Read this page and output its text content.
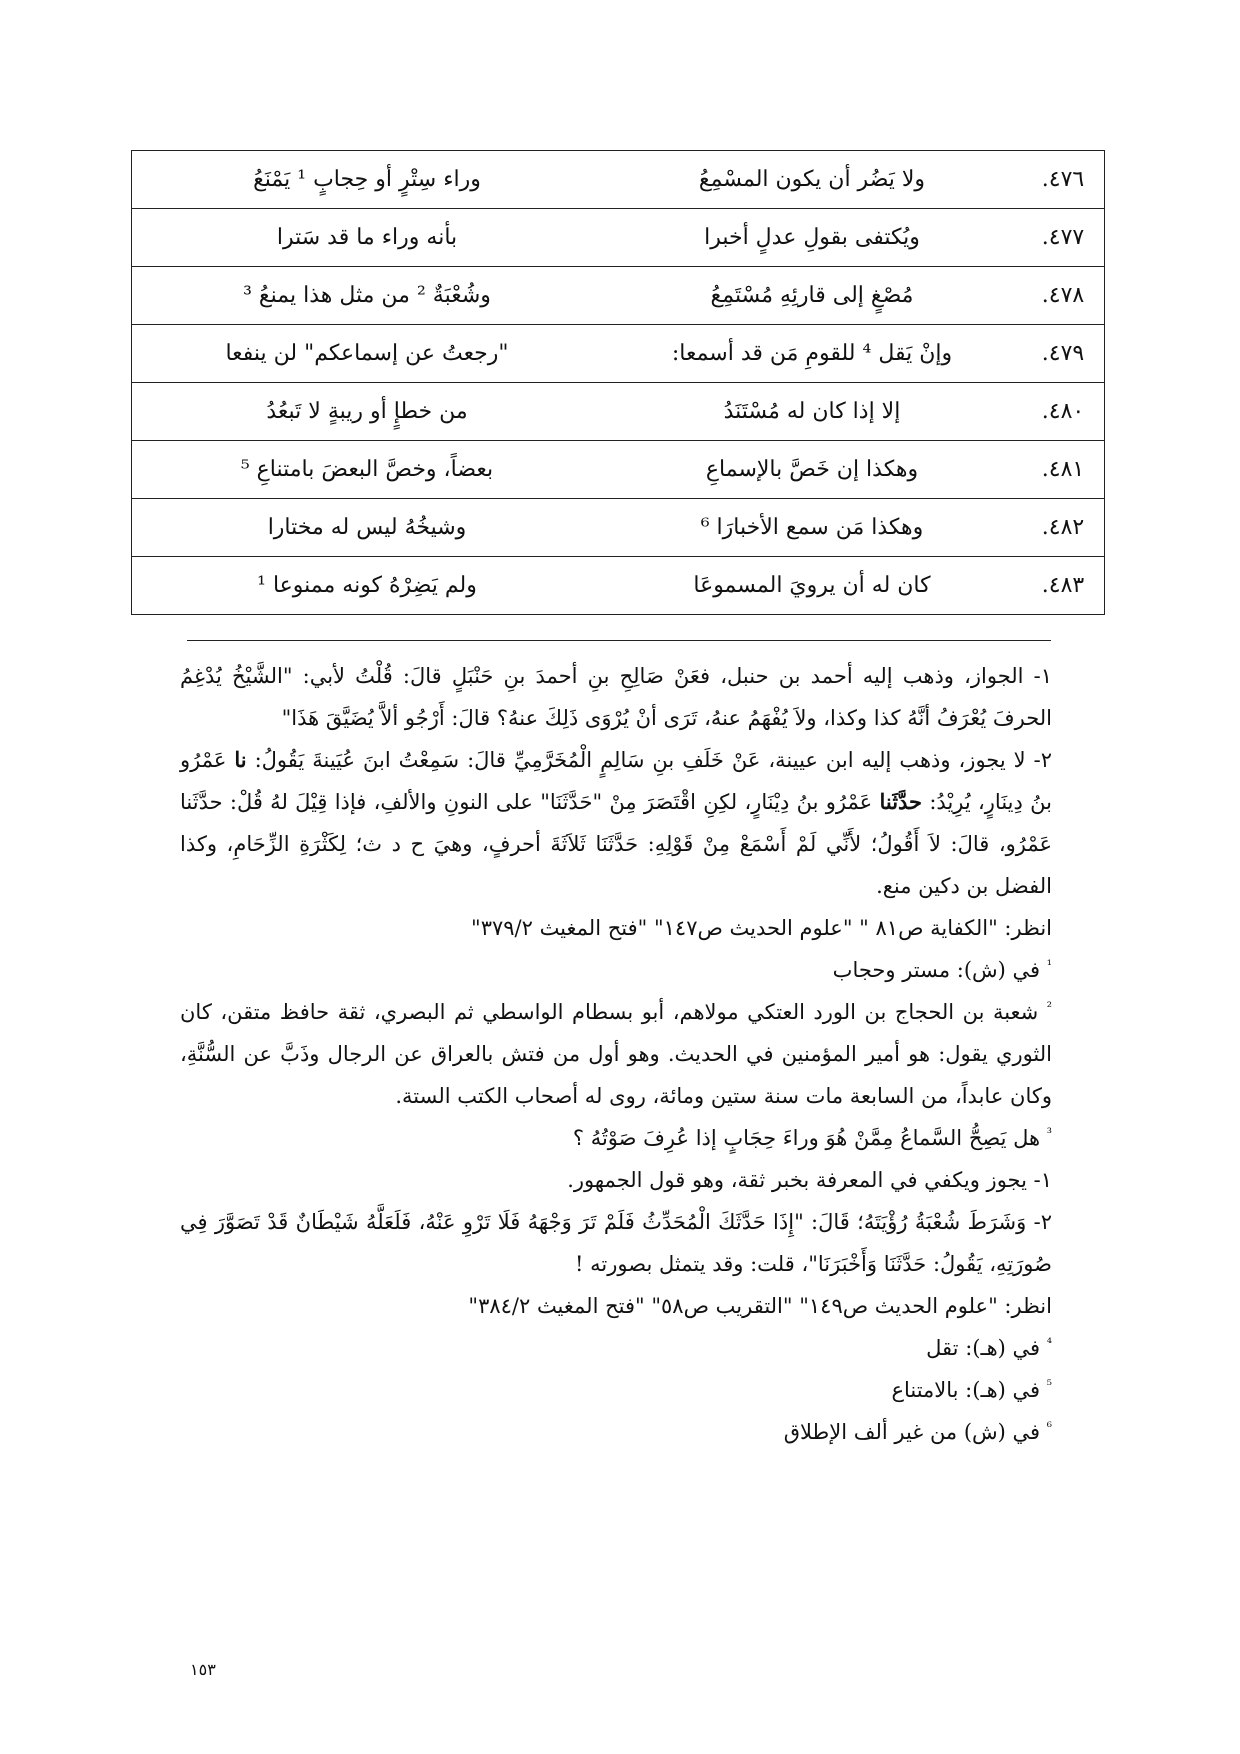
٤٧٦.	ولا يَضُر أن يكون المسْمِعُ	وراء سِتْرٍ أو حِجابٍ ¹ يَمْنَعُ
٤٧٧.	ويُكتفى بقولِ عدلٍ أخبرا	بأنه وراء ما قد سَترا
٤٧٨.	مُصْغٍ إلى قارئِهِ مُسْتَمِعُ	وشُعْبَةٌ ² من مثل هذا يمنعُ ³
٤٧٩.	وإنْ يَقل ⁴ للقومِ مَن قد أسمعا:	"رجعتُ عن إسماعكم" لن ينفعا
٤٨٠.	إلا إذا كان له مُسْتَنَدُ	من خطإٍ أو ريبةٍ لا تَبعُدُ
٤٨١.	وهكذا إن خَصَّ بالإسماعِ	بعضاً، وخصَّ البعضَ بامتناعِ ⁵
٤٨٢.	وهكذا مَن سمع الأخبارَا ⁶	وشيخُهُ ليس له مختارا
٤٨٣.	كان له أن يرويَ المسموعَا	ولم يَضِرْهُ كونه ممنوعا ¹

١- الجواز، وذهب إليه أحمد بن حنبل، فعَنْ صَالِحِ بنِ أحمدَ بنِ حَنْبَلٍ قالَ: قُلْتُ لأبي: "الشَّيْخُ يُدْغِمُ الحرفَ يُعْرَفُ أنَّهُ كذا وكذا، ولاَ يُفْهَمُ عنهُ، تَرَى أنْ يُرْوَى ذَلِكَ عنهُ؟ قالَ: أَرْجُو ألاَّ يُضَيَّقَ هَذَا"

٢- لا يجوز، وذهب إليه ابن عيينة، عَنْ خَلَفِ بنِ سَالِمٍ الْمُخَرَّمِيِّ قالَ: سَمِعْتُ ابنَ عُيَينةَ يَقُولُ: نا عَمْرُو بنُ دِينَارٍ، يُرِيْدُ: حدَّثَنا عَمْرُو بنُ دِيْنَارٍ، لكِنِ اقْتَصَرَ مِنْ "حَدَّثَنَا" على النونِ والألفِ، فإذا قِيْلَ لهُ قُلْ: حدَّثَنا عَمْرُو، قالَ: لاَ أَقُولُ؛ لأَنِّي لَمْ أَسْمَعْ مِنْ قَوْلِهِ: حَدَّثَنَا ثَلاَثَةَ أحرفٍ، وهيَ ح د ث؛ لِكَثْرَةِ الزِّحَامِ، وكذا الفضل بن دكين منع.

انظر: "الكفاية ص٨١ " "علوم الحديث ص١٤٧" "فتح المغيث ٣٧٩/٢"

$^{^1}$ في (ش): مستر وحجاب

$^{^2}$ شعبة بن الحجاج بن الورد العتكي مولاهم، أبو بسطام الواسطي ثم البصري، ثقة حافظ متقن، كان الثوري يقول: هو أمير المؤمنين في الحديث. وهو أول من فتش بالعراق عن الرجال وذَبَّ عن السُّنَّةِ، وكان عابداً، من السابعة مات سنة ستين ومائة، روى له أصحاب الكتب الستة.

$^{^3}$ هل يَصِحُّ السَّماعُ مِمَّنْ هُوَ وراءَ حِجَابٍ إذا عُرِفَ صَوْتُهُ ؟

١- يجوز ويكفي في المعرفة بخبر ثقة، وهو قول الجمهور.

٢- وَشَرَطَ شُعْبَةُ رُؤْيَتَهُ؛ قَالَ: "إِذَا حَدَّثَكَ الْمُحَدِّثُ فَلَمْ تَرَ وَجْهَهُ فَلَا تَرْوِ عَنْهُ، فَلَعَلَّهُ شَيْطَانٌ قَدْ تَصَوَّرَ فِي صُورَتِهِ، يَقُولُ: حَدَّثَنَا وَأَخْبَرَنَا"، قلت: وقد يتمثل بصورته !

انظر: "علوم الحديث ص١٤٩" "التقريب ص٥٨" "فتح المغيث ٣٨٤/٢"

$^{^4}$ في (هـ): تقل

$^{^5}$ في (هـ): بالامتناع

$^{^6}$ في (ش) من غير ألف الإطلاق

١٥٣
